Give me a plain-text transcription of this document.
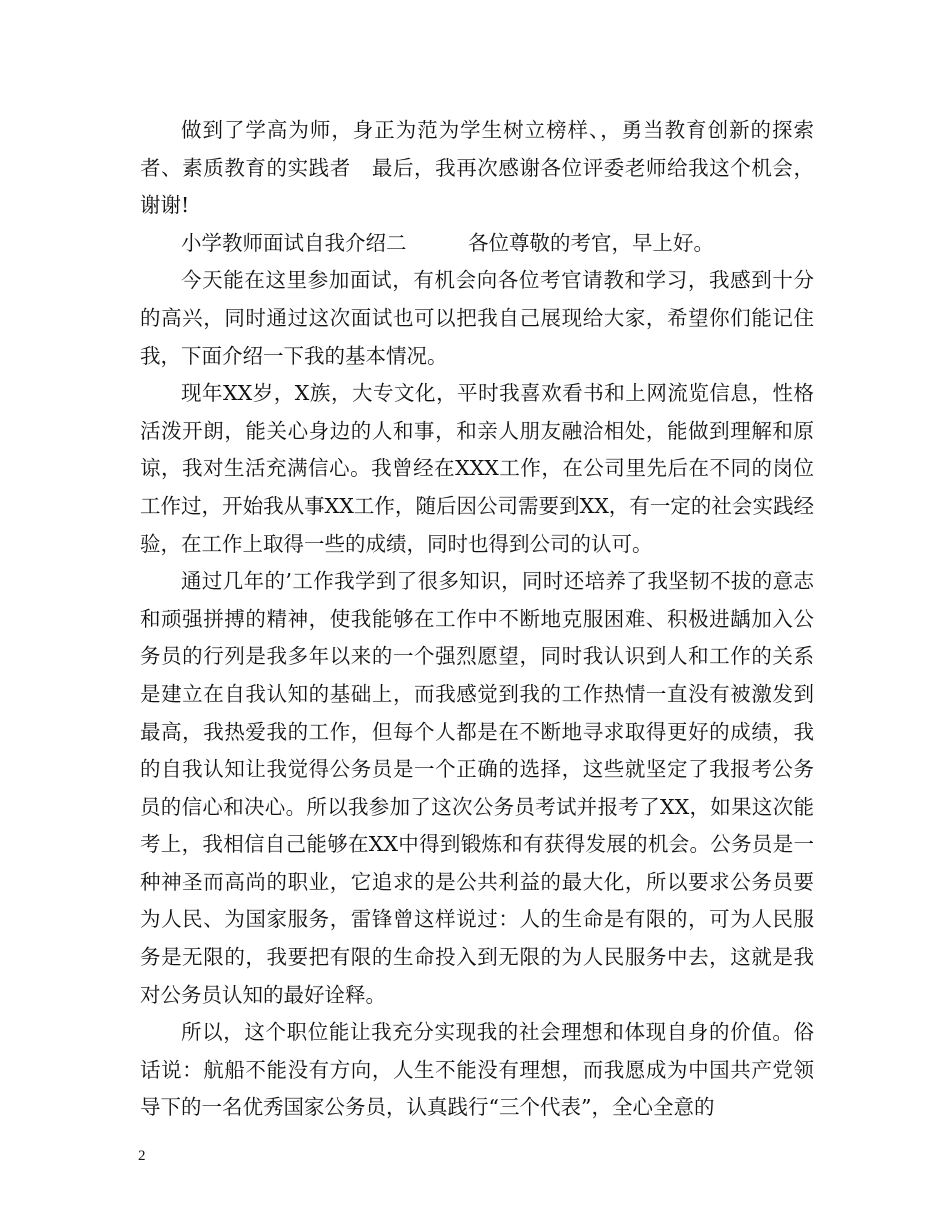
做到了学高为师，身正为范为学生树立榜样、，勇当教育创新的探索者、素质教育的实践者　最后，我再次感谢各位评委老师给我这个机会，谢谢!

小学教师面试自我介绍二　　　各位尊敬的考官，早上好。

今天能在这里参加面试，有机会向各位考官请教和学习，我感到十分的高兴，同时通过这次面试也可以把我自己展现给大家，希望你们能记住我，下面介绍一下我的基本情况。

现年XX岁，X族，大专文化，平时我喜欢看书和上网流览信息，性格活泼开朗，能关心身边的人和事，和亲人朋友融洽相处，能做到理解和原谅，我对生活充满信心。我曾经在XXX工作，在公司里先后在不同的岗位工作过，开始我从事XX工作，随后因公司需要到XX，有一定的社会实践经验，在工作上取得一些的成绩，同时也得到公司的认可。

通过几年的’工作我学到了很多知识，同时还培养了我坚韧不拔的意志和顽强拼搏的精神，使我能够在工作中不断地克服困难、积极进龋加入公务员的行列是我多年以来的一个强烈愿望，同时我认识到人和工作的关系是建立在自我认知的基础上，而我感觉到我的工作热情一直没有被激发到最高，我热爱我的工作，但每个人都是在不断地寻求取得更好的成绩，我的自我认知让我觉得公务员是一个正确的选择，这些就坚定了我报考公务员的信心和决心。所以我参加了这次公务员考试并报考了XX，如果这次能考上，我相信自己能够在XX中得到锻炼和有获得发展的机会。公务员是一种神圣而高尚的职业，它追求的是公共利益的最大化，所以要求公务员要为人民、为国家服务，雷锋曾这样说过：人的生命是有限的，可为人民服务是无限的，我要把有限的生命投入到无限的为人民服务中去，这就是我对公务员认知的最好诠释。

所以，这个职位能让我充分实现我的社会理想和体现自身的价值。俗话说：航船不能没有方向，人生不能没有理想，而我愿成为中国共产党领导下的一名优秀国家公务员，认真践行“三个代表”，全心全意的

2
